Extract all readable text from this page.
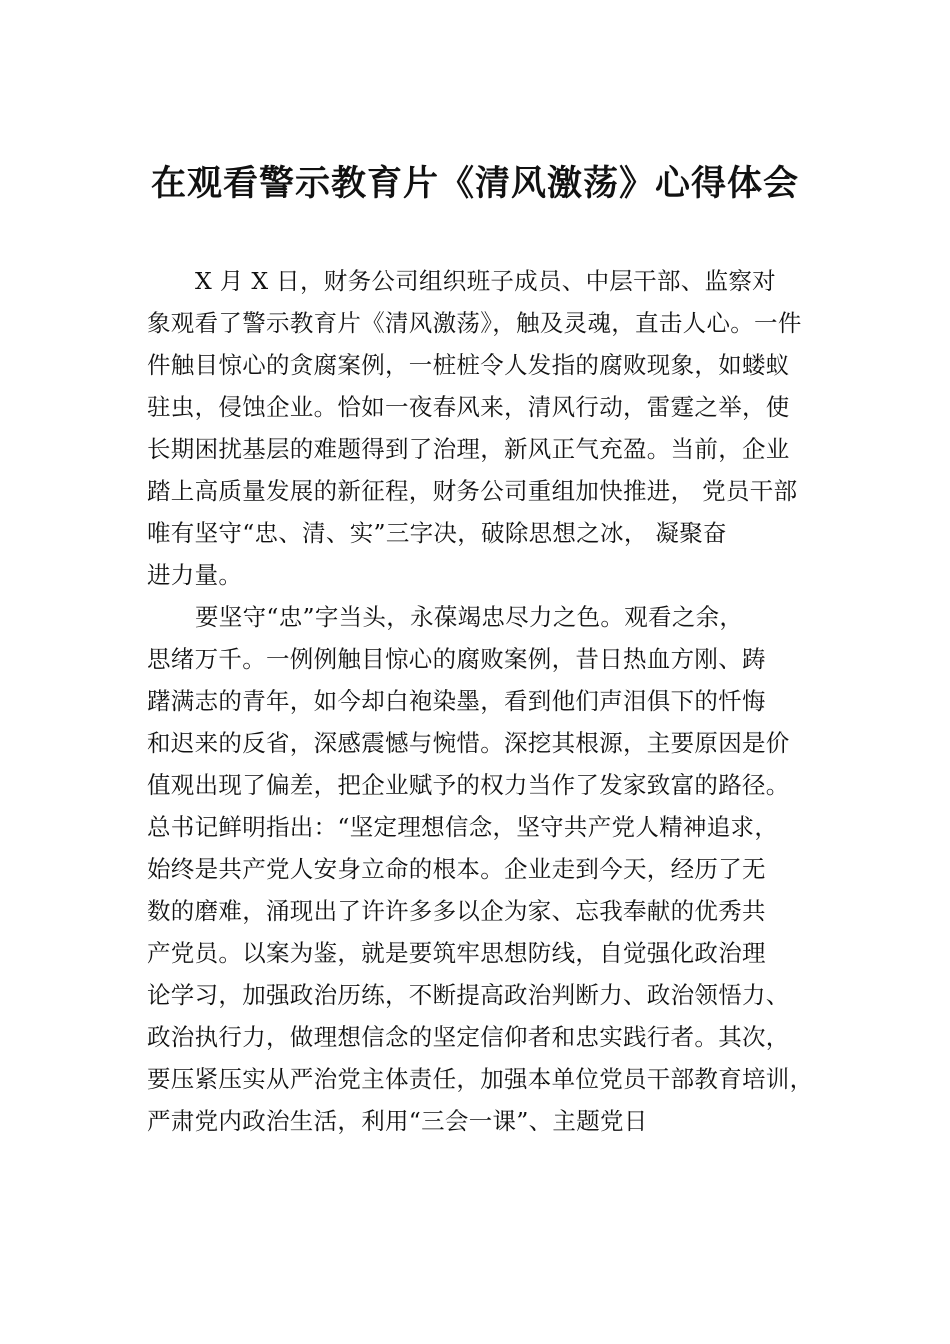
在观看警示教育片《清风激荡》心得体会
X 月 X 日，财务公司组织班子成员、中层干部、监察对
象观看了警示教育片《清风激荡》，触及灵魂，直击人心。一件
件触目惊心的贪腐案例，一桩桩令人发指的腐败现象，如蝼蚁
驻虫，侵蚀企业。恰如一夜春风来，清风行动，雷霆之举，使
长期困扰基层的难题得到了治理，新风正气充盈。当前，企业
踏上高质量发展的新征程，财务公司重组加快推进， 党员干部
唯有坚守“忠、清、实”三字决，破除思想之冰， 凝聚奋
进力量。
要坚守“忠”字当头，永葆竭忠尽力之色。观看之余，
思绪万千。一例例触目惊心的腐败案例，昔日热血方刚、踌
躇满志的青年，如今却白袍染墨，看到他们声泪俱下的忏悔
和迟来的反省，深感震憾与惋惜。深挖其根源，主要原因是价
值观出现了偏差，把企业赋予的权力当作了发家致富的路径。
总书记鲜明指出：“坚定理想信念，坚守共产党人精神追求，
始终是共产党人安身立命的根本。企业走到今天，经历了无
数的磨难，涌现出了许许多多以企为家、忘我奉献的优秀共
产党员。以案为鉴，就是要筑牢思想防线，自觉强化政治理
论学习，加强政治历练，不断提高政治判断力、政治领悟力、
政治执行力，做理想信念的坚定信仰者和忠实践行者。其次，
要压紧压实从严治党主体责任，加强本单位党员干部教育培训，
严肃党内政治生活，利用“三会一课”、主题党日
